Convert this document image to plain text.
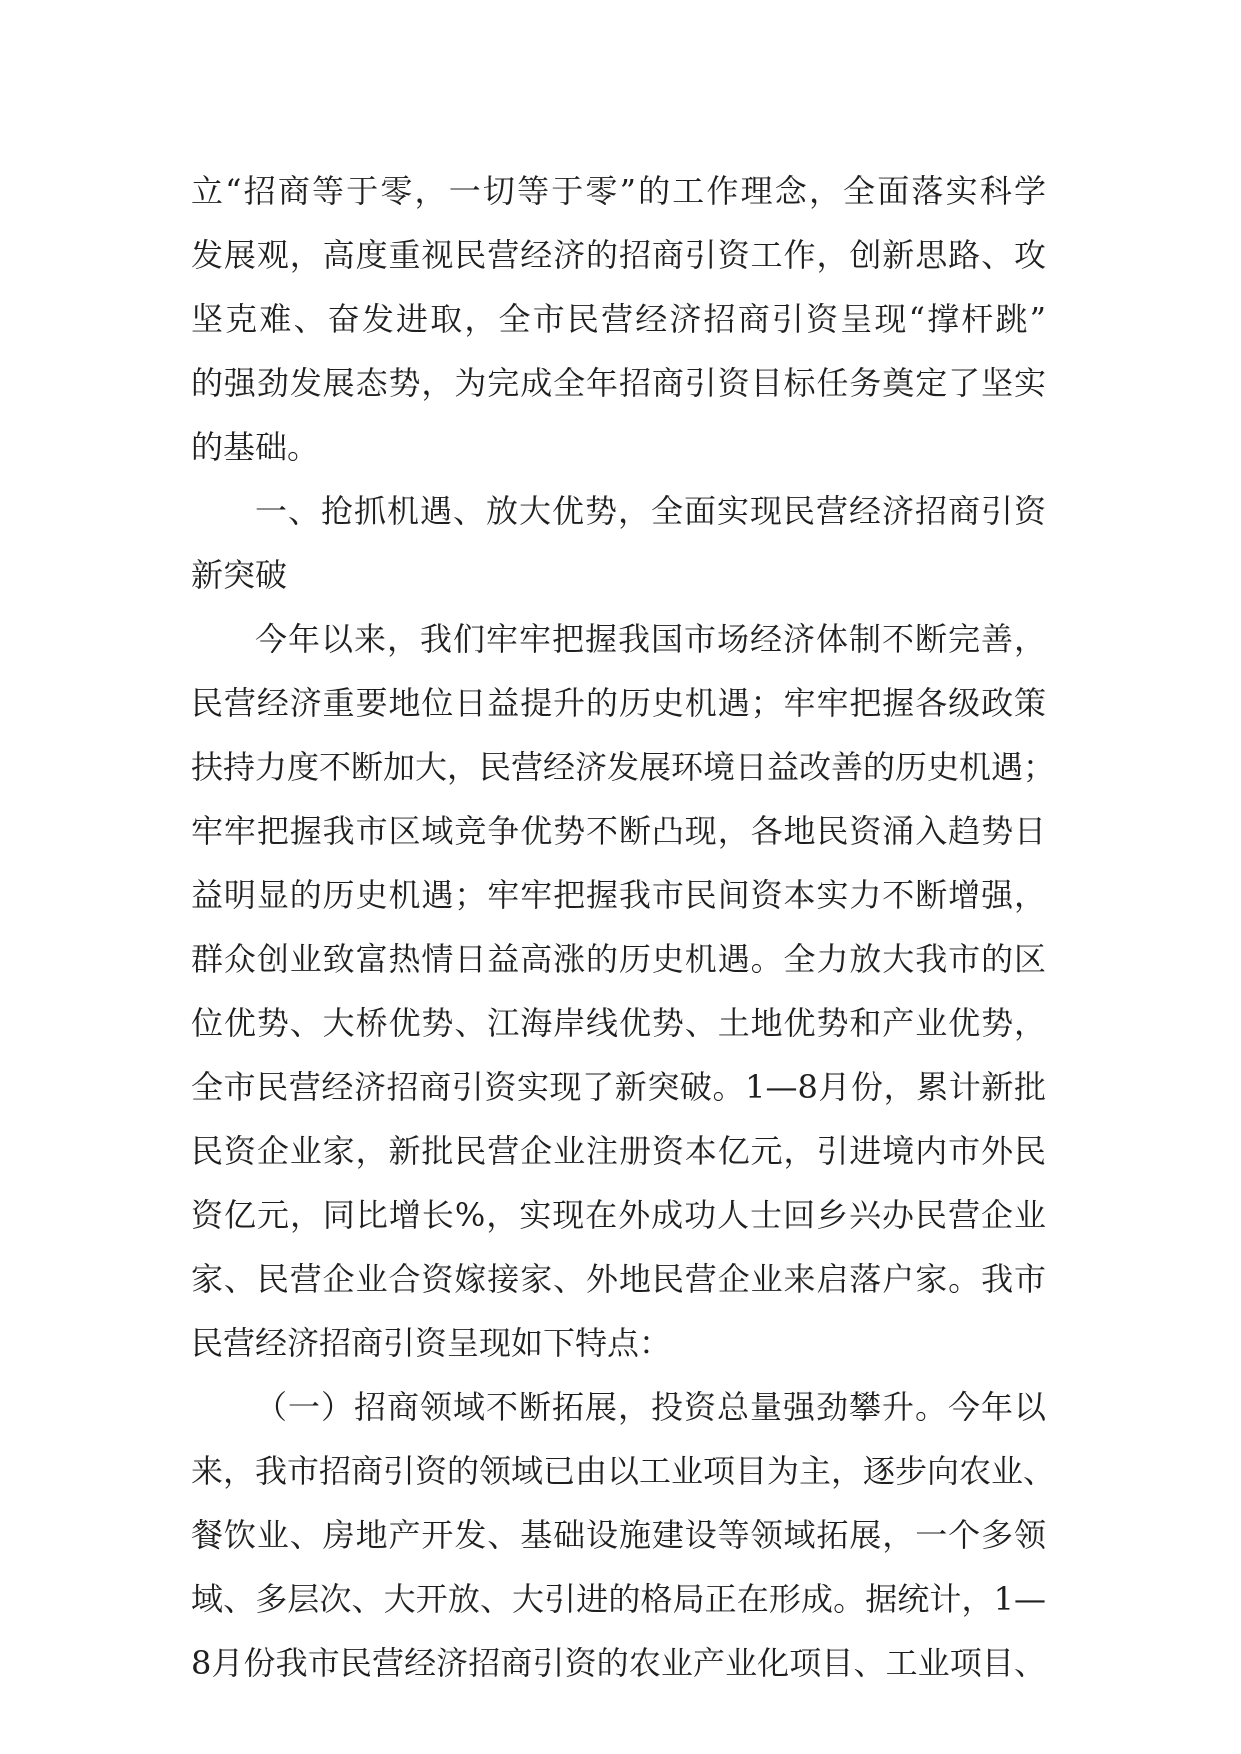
立“招商等于零，一切等于零”的工作理念，全面落实科学
发展观，高度重视民营经济的招商引资工作，创新思路、攻
坚克难、奋发进取，全市民营经济招商引资呈现“撑杆跳”
的强劲发展态势，为完成全年招商引资目标任务奠定了坚实
的基础。
一、抢抓机遇、放大优势，全面实现民营经济招商引资
新突破
今年以来，我们牢牢把握我国市场经济体制不断完善，
民营经济重要地位日益提升的历史机遇；牢牢把握各级政策
扶持力度不断加大，民营经济发展环境日益改善的历史机遇；
牢牢把握我市区域竞争优势不断凸现，各地民资涌入趋势日
益明显的历史机遇；牢牢把握我市民间资本实力不断增强，
群众创业致富热情日益高涨的历史机遇。全力放大我市的区
位优势、大桥优势、江海岸线优势、土地优势和产业优势，
全市民营经济招商引资实现了新突破。1—8月份，累计新批
民资企业家，新批民营企业注册资本亿元，引进境内市外民
资亿元，同比增长%，实现在外成功人士回乡兴办民营企业
家、民营企业合资嫁接家、外地民营企业来启落户家。我市
民营经济招商引资呈现如下特点：
（一）招商领域不断拓展，投资总量强劲攀升。今年以
来，我市招商引资的领域已由以工业项目为主，逐步向农业、
餐饮业、房地产开发、基础设施建设等领域拓展，一个多领
域、多层次、大开放、大引进的格局正在形成。据统计，1—
8月份我市民营经济招商引资的农业产业化项目、工业项目、
